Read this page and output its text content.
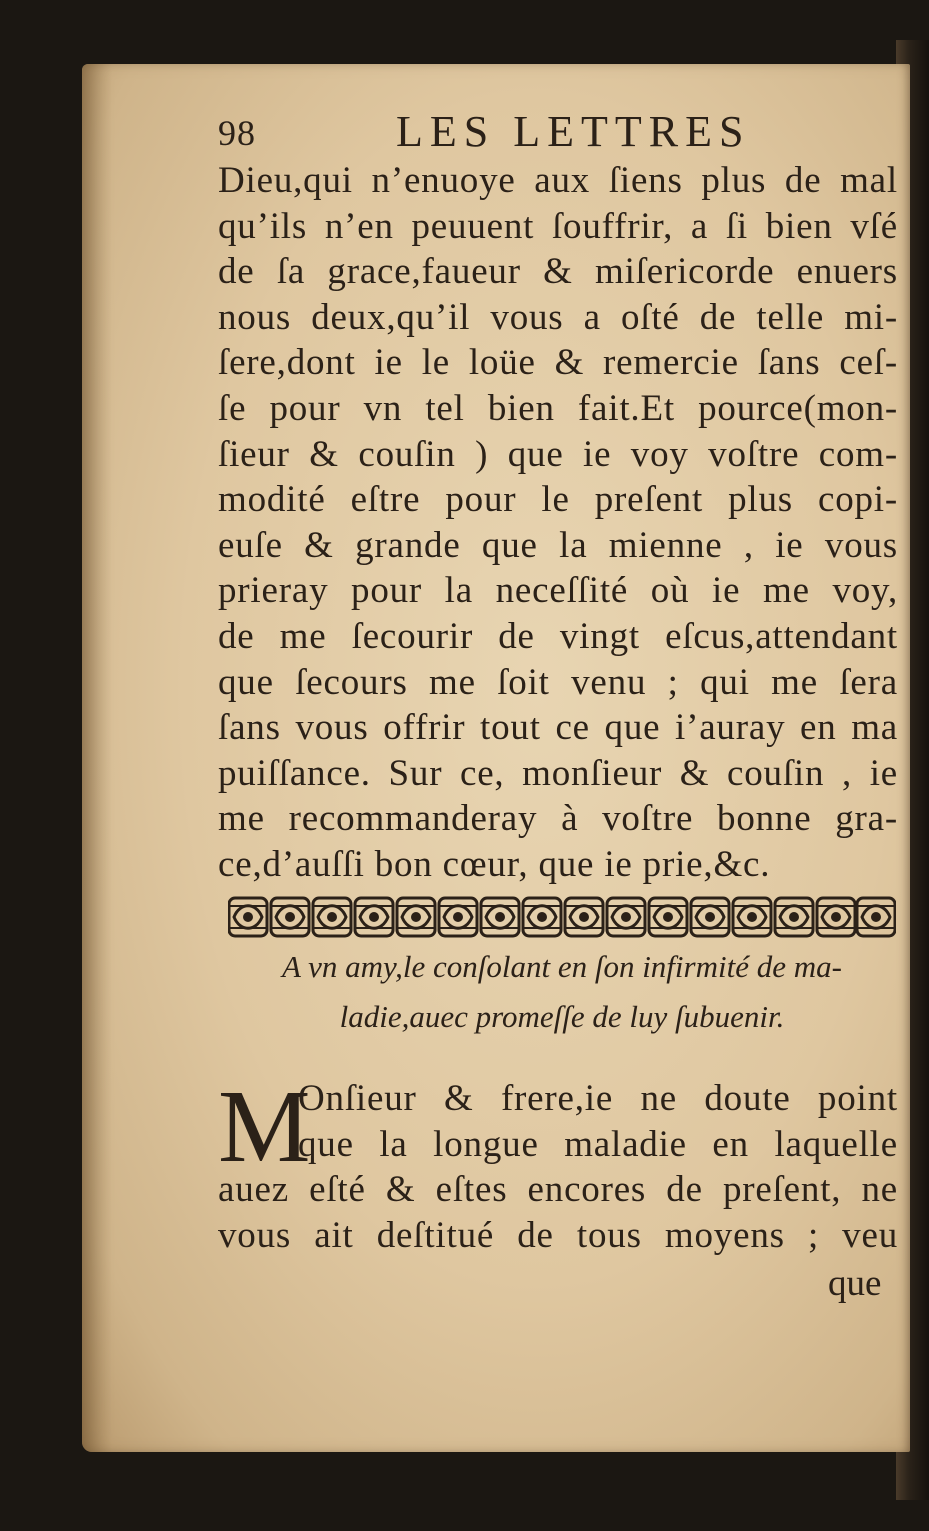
98	LES LETTRES
Dieu,qui n’enuoye aux ſiens plus de mal
qu’ils n’en peuuent ſouffrir, a ſi bien vſé
de ſa grace,faueur & miſericorde enuers
nous deux,qu’il vous a oſté de telle mi-
ſere,dont ie le loüe & remercie ſans ceſ-
ſe pour vn tel bien fait.Et pource(mon-
ſieur & couſin ) que ie voy voſtre com-
modité eſtre pour le preſent plus copi-
euſe & grande que la mienne , ie vous
prieray pour la neceſſité où ie me voy,
de me ſecourir de vingt eſcus,attendant
que ſecours me ſoit venu ; qui me ſera
ſans vous offrir tout ce que i’auray en ma
puiſſance. Sur ce, monſieur & couſin , ie
me recommanderay à voſtre bonne gra-
ce,d’auſſi bon cœur, que ie prie,&c.
A vn amy,le conſolant en ſon infirmité de ma-
ladie,auec promeſſe de luy ſubuenir.
M
Onſieur & frere,ie ne doute point
que la longue maladie en laquelle
auez eſté & eſtes encores de preſent, ne
vous ait deſtitué de tous moyens ; veu
que
